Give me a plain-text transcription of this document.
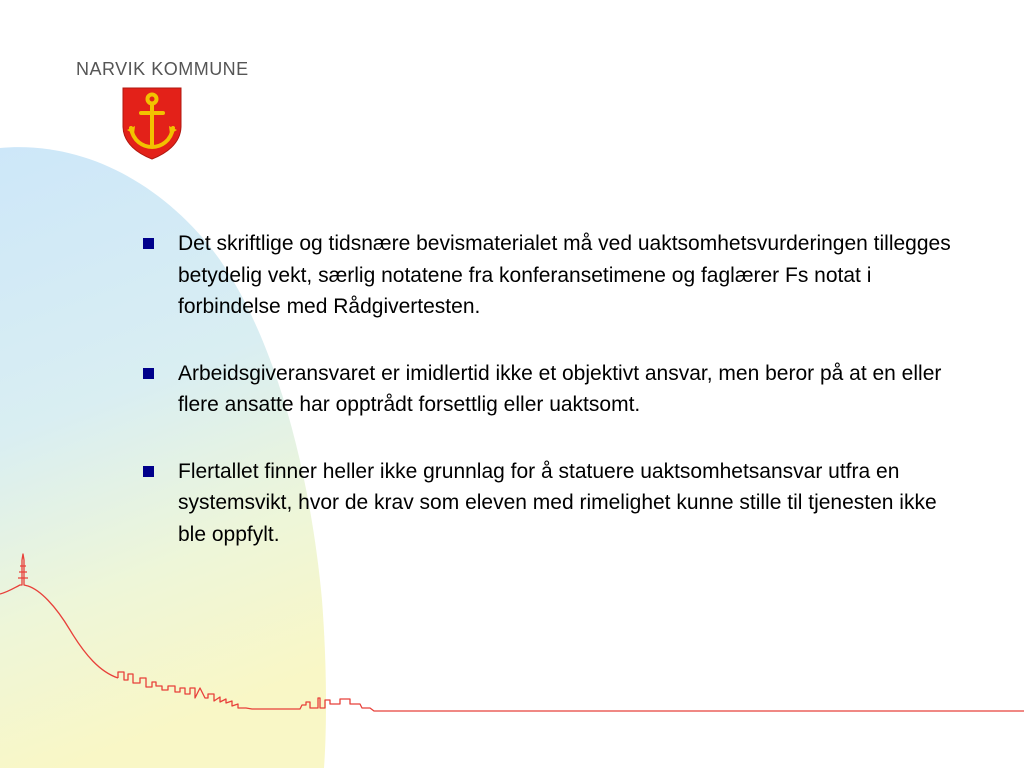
NARVIK KOMMUNE
Det skriftlige og tidsnære bevismaterialet må ved uaktsomhetsvurderingen tillegges betydelig vekt, særlig notatene fra konferansetimene og faglærer Fs notat i forbindelse med Rådgivertesten.
Arbeidsgiveransvaret er imidlertid ikke et objektivt ansvar, men beror på at en eller flere ansatte har opptrådt forsettlig eller uaktsomt.
Flertallet finner heller ikke grunnlag for å statuere uaktsomhetsansvar utfra en systemsvikt, hvor de krav som eleven med rimelighet kunne stille til tjenesten ikke ble oppfylt.
